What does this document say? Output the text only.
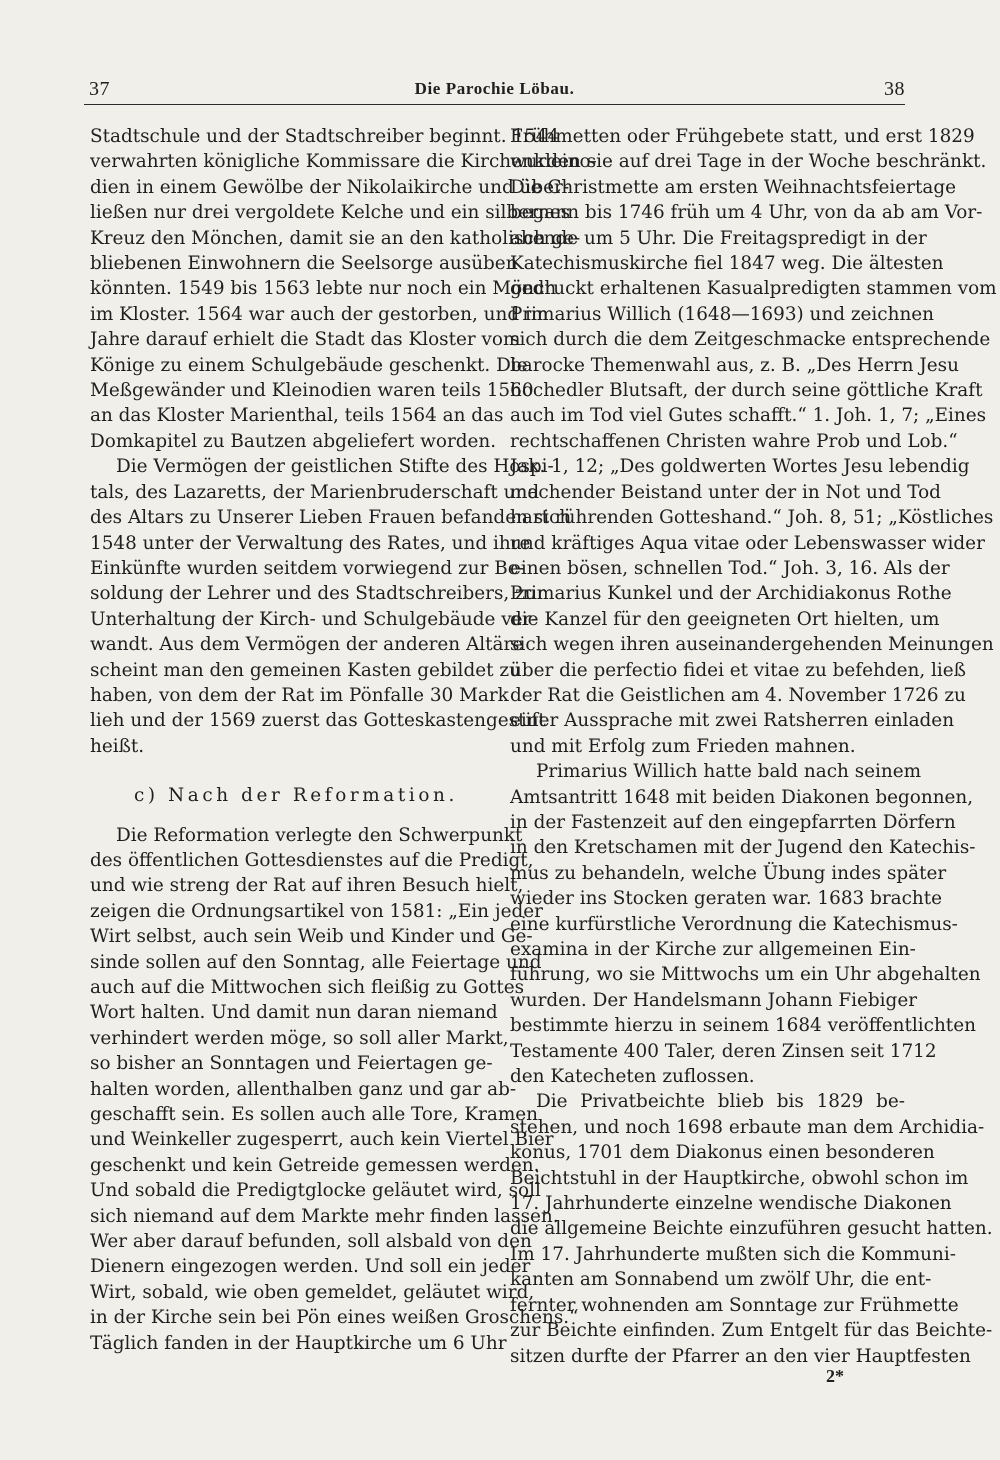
37	Die Parochie Löbau.	38

Stadtschule und der Stadtschreiber beginnt. 1544
verwahrten königliche Kommissare die Kirchenkleino-
dien in einem Gewölbe der Nikolaikirche und über-
ließen nur drei vergoldete Kelche und ein silbernes
Kreuz den Mönchen, damit sie an den katholisch ge-
bliebenen Einwohnern die Seelsorge ausüben
könnten. 1549 bis 1563 lebte nur noch ein Mönch
im Kloster. 1564 war auch der gestorben, und im
Jahre darauf erhielt die Stadt das Kloster vom
Könige zu einem Schulgebäude geschenkt. Die
Meßgewänder und Kleinodien waren teils 1560
an das Kloster Marienthal, teils 1564 an das
Domkapitel zu Bautzen abgeliefert worden.

Die Vermögen der geistlichen Stifte des Hospi-
tals, des Lazaretts, der Marienbruderschaft und
des Altars zu Unserer Lieben Frauen befanden sich
1548 unter der Verwaltung des Rates, und ihre
Einkünfte wurden seitdem vorwiegend zur Be-
soldung der Lehrer und des Stadtschreibers, zur
Unterhaltung der Kirch- und Schulgebäude ver-
wandt. Aus dem Vermögen der anderen Altäre
scheint man den gemeinen Kasten gebildet zu
haben, von dem der Rat im Pönfalle 30 Mark
lieh und der 1569 zuerst das Gotteskastengestift
heißt.

c) Nach der Reformation.

Die Reformation verlegte den Schwerpunkt
des öffentlichen Gottesdienstes auf die Predigt,
und wie streng der Rat auf ihren Besuch hielt,
zeigen die Ordnungsartikel von 1581: „Ein jeder
Wirt selbst, auch sein Weib und Kinder und Ge-
sinde sollen auf den Sonntag, alle Feiertage und
auch auf die Mittwochen sich fleißig zu Gottes
Wort halten. Und damit nun daran niemand
verhindert werden möge, so soll aller Markt,
so bisher an Sonntagen und Feiertagen ge-
halten worden, allenthalben ganz und gar ab-
geschafft sein. Es sollen auch alle Tore, Kramen
und Weinkeller zugesperrt, auch kein Viertel Bier
geschenkt und kein Getreide gemessen werden.
Und sobald die Predigtglocke geläutet wird, soll
sich niemand auf dem Markte mehr finden lassen.
Wer aber darauf befunden, soll alsbald von den
Dienern eingezogen werden. Und soll ein jeder
Wirt, sobald, wie oben gemeldet, geläutet wird,
in der Kirche sein bei Pön eines weißen Groschens.“
Täglich fanden in der Hauptkirche um 6 Uhr

Frühmetten oder Frühgebete statt, und erst 1829
wurden sie auf drei Tage in der Woche beschränkt.
Die Christmette am ersten Weihnachtsfeiertage
begann bis 1746 früh um 4 Uhr, von da ab am Vor-
abende um 5 Uhr. Die Freitagspredigt in der
Katechismuskirche fiel 1847 weg. Die ältesten
gedruckt erhaltenen Kasualpredigten stammen vom
Primarius Willich (1648—1693) und zeichnen
sich durch die dem Zeitgeschmacke entsprechende
barocke Themenwahl aus, z. B. „Des Herrn Jesu
hochedler Blutsaft, der durch seine göttliche Kraft
auch im Tod viel Gutes schafft.“ 1. Joh. 1, 7; „Eines
rechtschaffenen Christen wahre Prob und Lob.“
Jak. 1, 12; „Des goldwerten Wortes Jesu lebendig
machender Beistand unter der in Not und Tod
hart rührenden Gotteshand.“ Joh. 8, 51; „Köstliches
und kräftiges Aqua vitae oder Lebenswasser wider
einen bösen, schnellen Tod.“ Joh. 3, 16. Als der
Primarius Kunkel und der Archidiakonus Rothe
die Kanzel für den geeigneten Ort hielten, um
sich wegen ihren auseinandergehenden Meinungen
über die perfectio fidei et vitae zu befehden, ließ
der Rat die Geistlichen am 4. November 1726 zu
einer Aussprache mit zwei Ratsherren einladen
und mit Erfolg zum Frieden mahnen.

Primarius Willich hatte bald nach seinem
Amtsantritt 1648 mit beiden Diakonen begonnen,
in der Fastenzeit auf den eingepfarrten Dörfern
in den Kretschamen mit der Jugend den Katechis-
mus zu behandeln, welche Übung indes später
wieder ins Stocken geraten war. 1683 brachte
eine kurfürstliche Verordnung die Katechismus-
examina in der Kirche zur allgemeinen Ein-
führung, wo sie Mittwochs um ein Uhr abgehalten
wurden. Der Handelsmann Johann Fiebiger
bestimmte hierzu in seinem 1684 veröffentlichten
Testamente 400 Taler, deren Zinsen seit 1712
den Katecheten zuflossen.

Die Privatbeichte blieb bis 1829 be-
stehen, und noch 1698 erbaute man dem Archidia-
konus, 1701 dem Diakonus einen besonderen
Beichtstuhl in der Hauptkirche, obwohl schon im
17. Jahrhunderte einzelne wendische Diakonen
die allgemeine Beichte einzuführen gesucht hatten.
Im 17. Jahrhunderte mußten sich die Kommuni-
kanten am Sonnabend um zwölf Uhr, die ent-
fernter wohnenden am Sonntage zur Frühmette
zur Beichte einfinden. Zum Entgelt für das Beichte-
sitzen durfte der Pfarrer an den vier Hauptfesten

2*
